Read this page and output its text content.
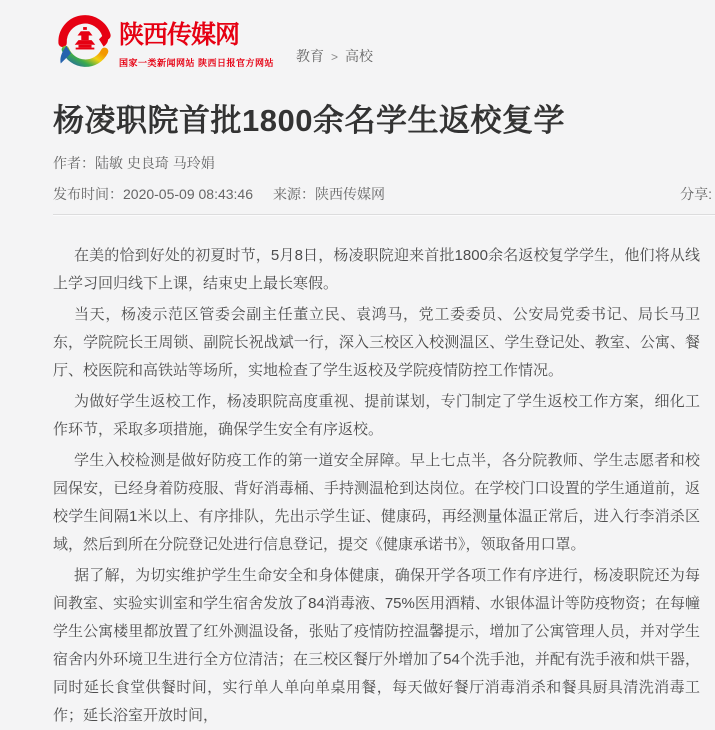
陕西传媒网
国家一类新闻网站 陕西日报官方网站 教育 > 高校
杨凌职院首批1800余名学生返校复学
作者：陆敏 史良琦 马玲娟
发布时间：2020-05-09 08:43:46 来源：陕西传媒网	分享:

在美的恰到好处的初夏时节，5月8日，杨凌职院迎来首批1800余名返校复学学生，他们将从线上学习回归线下上课，结束史上最长寒假。

当天，杨凌示范区管委会副主任董立民、袁鸿马，党工委委员、公安局党委书记、局长马卫东，学院院长王周锁、副院长祝战斌一行，深入三校区入校测温区、学生登记处、教室、公寓、餐厅、校医院和高铁站等场所，实地检查了学生返校及学院疫情防控工作情况。

为做好学生返校工作，杨凌职院高度重视、提前谋划，专门制定了学生返校工作方案，细化工作环节，采取多项措施，确保学生安全有序返校。

学生入校检测是做好防疫工作的第一道安全屏障。早上七点半，各分院教师、学生志愿者和校园保安，已经身着防疫服、背好消毒桶、手持测温枪到达岗位。在学校门口设置的学生通道前，返校学生间隔1米以上、有序排队，先出示学生证、健康码，再经测量体温正常后，进入行李消杀区域，然后到所在分院登记处进行信息登记，提交《健康承诺书》，领取备用口罩。

据了解，为切实维护学生生命安全和身体健康，确保开学各项工作有序进行，杨凌职院还为每间教室、实验实训室和学生宿舍发放了84消毒液、75%医用酒精、水银体温计等防疫物资；在每幢学生公寓楼里都放置了红外测温设备，张贴了疫情防控温馨提示，增加了公寓管理人员，并对学生宿舍内外环境卫生进行全方位清洁；在三校区餐厅外增加了54个洗手池，并配有洗手液和烘干器，同时延长食堂供餐时间，实行单人单向单桌用餐，每天做好餐厅消毒消杀和餐具厨具清洗消毒工作；延长浴室开放时间，
